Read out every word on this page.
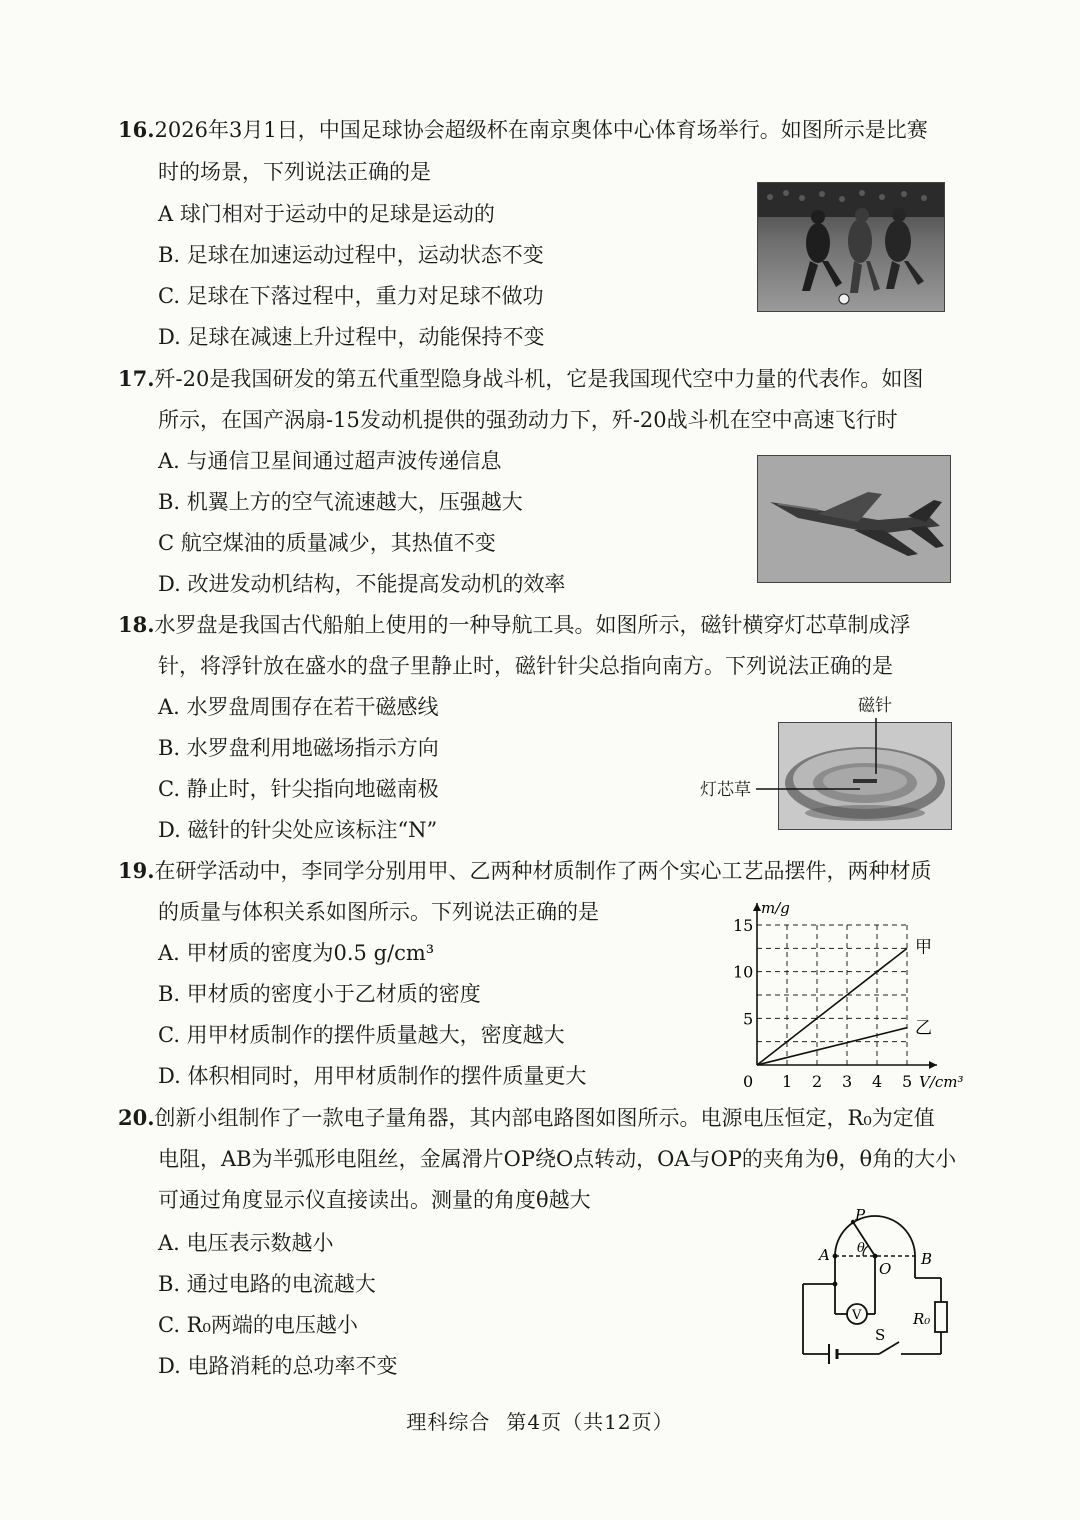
16.2026年3月1日，中国足球协会超级杯在南京奥体中心体育场举行。如图所示是比赛
时的场景，下列说法正确的是
A 球门相对于运动中的足球是运动的
B. 足球在加速运动过程中，运动状态不变
C. 足球在下落过程中，重力对足球不做功
D. 足球在减速上升过程中，动能保持不变
17.歼-20是我国研发的第五代重型隐身战斗机，它是我国现代空中力量的代表作。如图
所示，在国产涡扇-15发动机提供的强劲动力下，歼-20战斗机在空中高速飞行时
A. 与通信卫星间通过超声波传递信息
B. 机翼上方的空气流速越大，压强越大
C 航空煤油的质量减少，其热值不变
D. 改进发动机结构，不能提高发动机的效率
18.水罗盘是我国古代船舶上使用的一种导航工具。如图所示，磁针横穿灯芯草制成浮
针，将浮针放在盛水的盘子里静止时，磁针针尖总指向南方。下列说法正确的是
A. 水罗盘周围存在若干磁感线
B. 水罗盘利用地磁场指示方向
C. 静止时，针尖指向地磁南极
D. 磁针的针尖处应该标注“N”
磁针
灯芯草
19.在研学活动中，李同学分别用甲、乙两种材质制作了两个实心工艺品摆件，两种材质
的质量与体积关系如图所示。下列说法正确的是
A. 甲材质的密度为0.5 g/cm³
B. 甲材质的密度小于乙材质的密度
C. 用甲材质制作的摆件质量越大，密度越大
D. 体积相同时，用甲材质制作的摆件质量更大	0 1 2 3 4 5
5
10
15
V/cm³
m/g
甲
乙
20.创新小组制作了一款电子量角器，其内部电路图如图所示。电源电压恒定，R₀为定值
电阻，AB为半弧形电阻丝，金属滑片OP绕O点转动，OA与OP的夹角为θ，θ角的大小
可通过角度显示仪直接读出。测量的角度θ越大
A. 电压表示数越小
B. 通过电路的电流越大
C. R₀两端的电压越小
D. 电路消耗的总功率不变
P
θ
O
A	B
V	R₀
S
理科综合 第4页（共12页）
